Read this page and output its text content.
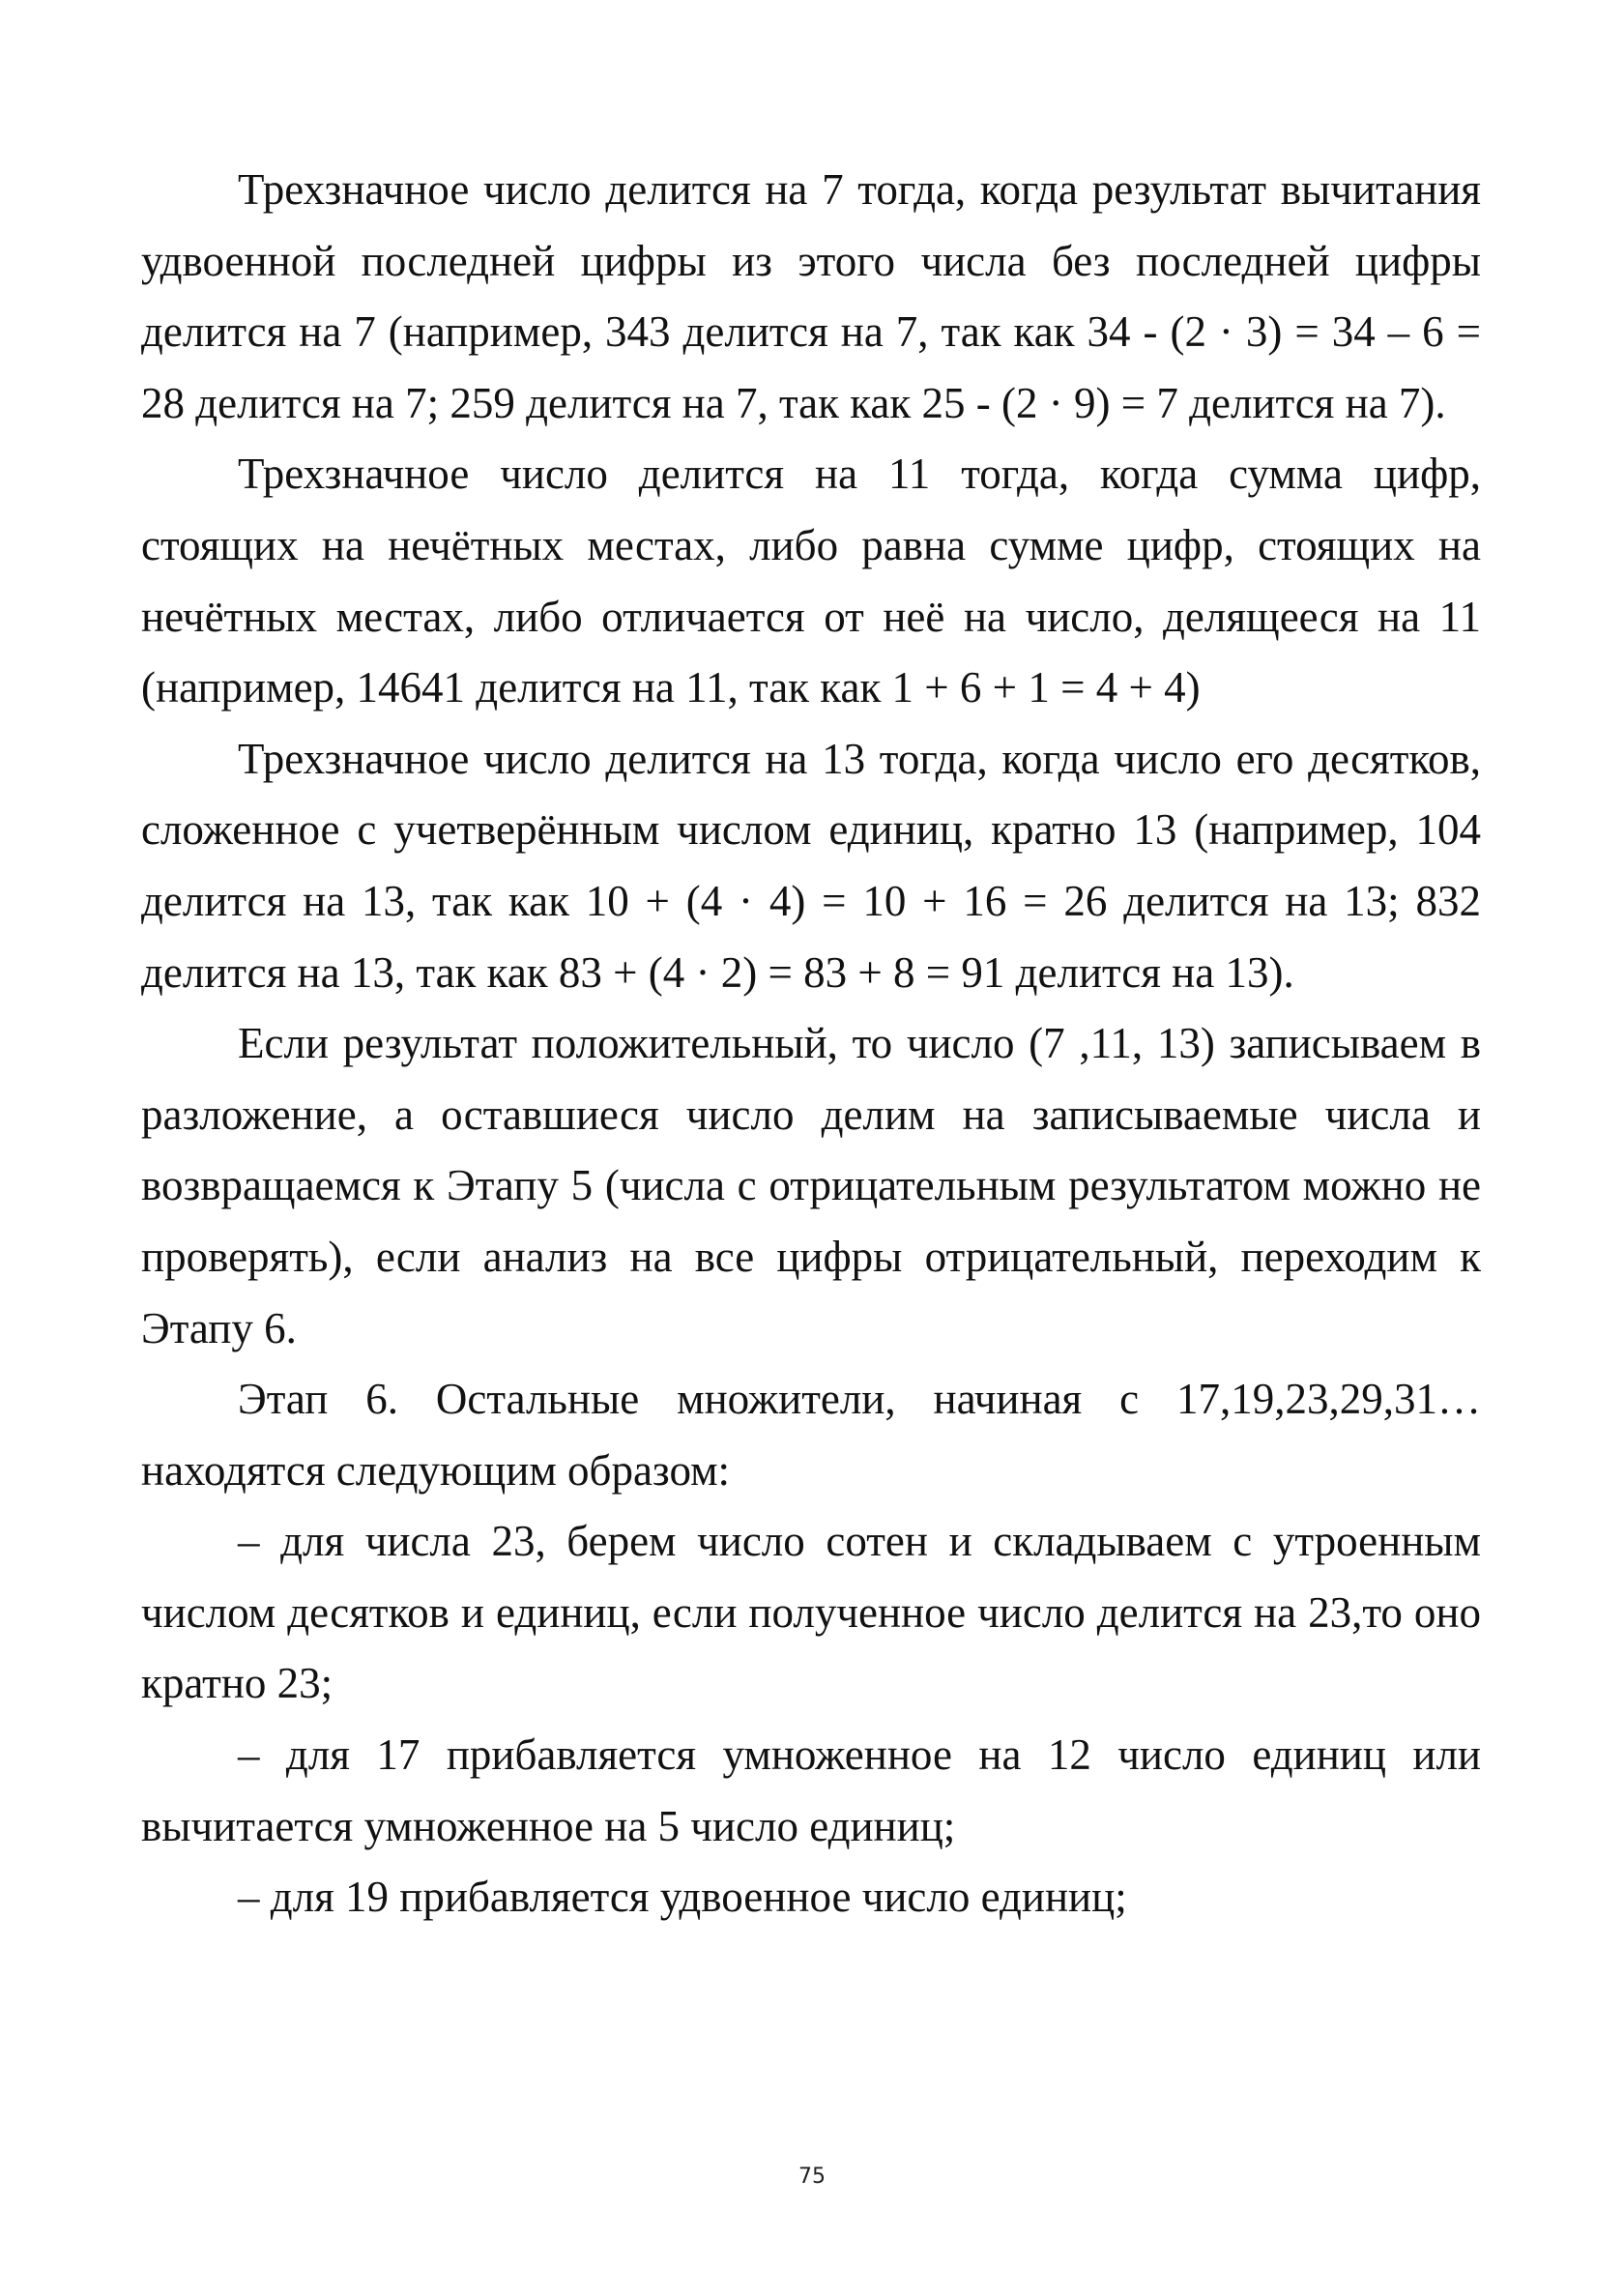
Трехзначное число делится на 7 тогда, когда результат вычитания удвоенной последней цифры из этого числа без последней цифры делится на 7 (например, 343 делится на 7, так как 34 - (2 · 3) = 34 – 6 = 28 делится на 7; 259 делится на 7, так как 25 - (2 · 9) = 7 делится на 7).

Трехзначное число делится на 11 тогда, когда сумма цифр, стоящих на нечётных местах, либо равна сумме цифр, стоящих на нечётных местах, либо отличается от неё на число, делящееся на 11 (например, 14641 делится на 11, так как 1 + 6 + 1 = 4 + 4)

Трехзначное число делится на 13 тогда, когда число его десятков, сложенное с учетверённым числом единиц, кратно 13 (например, 104 делится на 13, так как 10 + (4 · 4) = 10 + 16 = 26 делится на 13; 832 делится на 13, так как 83 + (4 · 2) = 83 + 8 = 91 делится на 13).

Если результат положительный, то число (7 ,11, 13) записываем в разложение, а оставшиеся число делим на записываемые числа и возвращаемся к Этапу 5 (числа с отрицательным результатом можно не проверять), если анализ на все цифры отрицательный, переходим к Этапу 6.

Этап 6. Остальные множители, начиная с 17,19,23,29,31… находятся следующим образом:

– для числа 23, берем число сотен и складываем с утроенным числом десятков и единиц, если полученное число делится на 23,то оно кратно 23;

– для 17 прибавляется умноженное на 12 число единиц или вычитается умноженное на 5 число единиц;

– для 19 прибавляется удвоенное число единиц;

75
